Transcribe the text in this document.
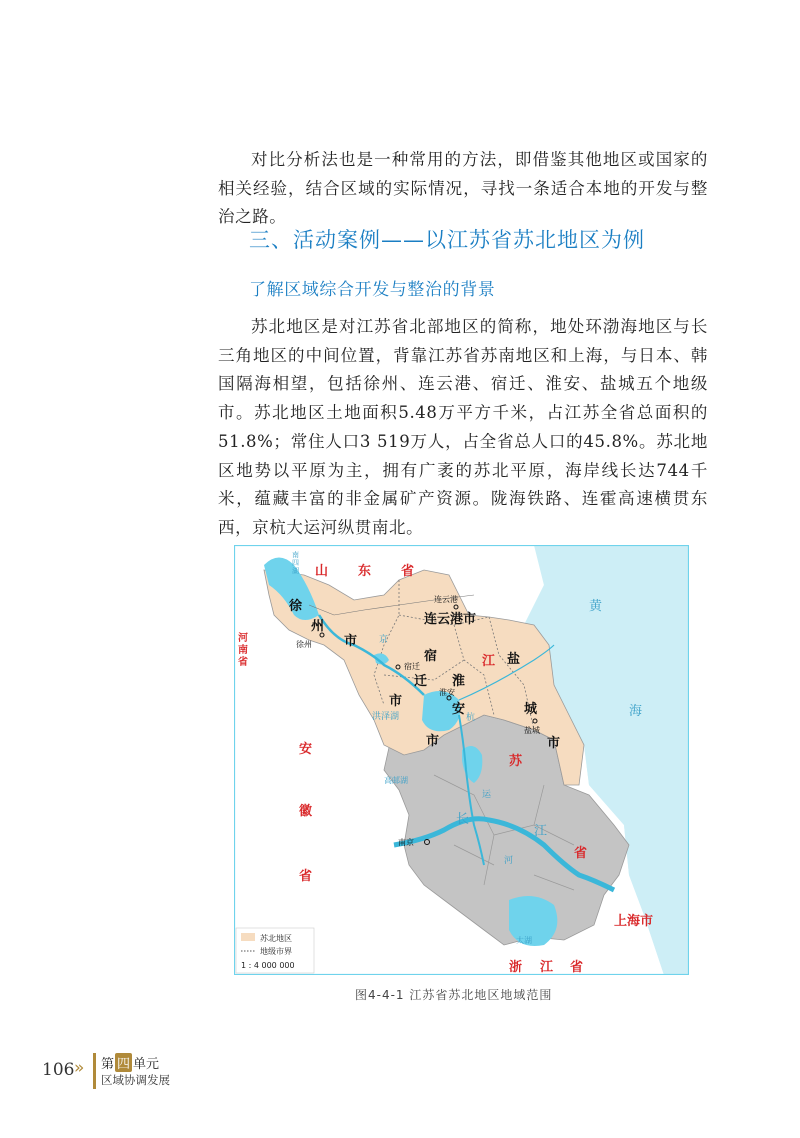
对比分析法也是一种常用的方法，即借鉴其他地区或国家的相关经验，结合区域的实际情况，寻找一条适合本地的开发与整治之路。

三、活动案例——以江苏省苏北地区为例
了解区域综合开发与整治的背景

苏北地区是对江苏省北部地区的简称，地处环渤海地区与长三角地区的中间位置，背靠江苏省苏南地区和上海，与日本、韩国隔海相望，包括徐州、连云港、宿迁、淮安、盐城五个地级市。苏北地区土地面积5.48万平方千米，占江苏全省总面积的51.8%；常住人口3 519万人，占全省总人口的45.8%。苏北地区地势以平原为主，拥有广袤的苏北平原，海岸线长达744千米，蕴藏丰富的非金属矿产资源。陇海铁路、连霍高速横贯东西，京杭大运河纵贯南北。

山 东 省
河
南
省
安
徽
省
江
苏
省
浙 江 省
上海市
徐
州
市
连云港市
宿
迁
市
淮
安
市
盐
城
市
徐州
连云港
宿迁
淮安
盐城
南京
黄
海
南
四
湖
洪泽湖
高邮湖
太湖
长
江
京
杭
运
河
苏北地区
地级市界
1 : 4 000 000
图4-4-1 江苏省苏北地区地域范围
106 » 第 四 单元
区域协调发展
